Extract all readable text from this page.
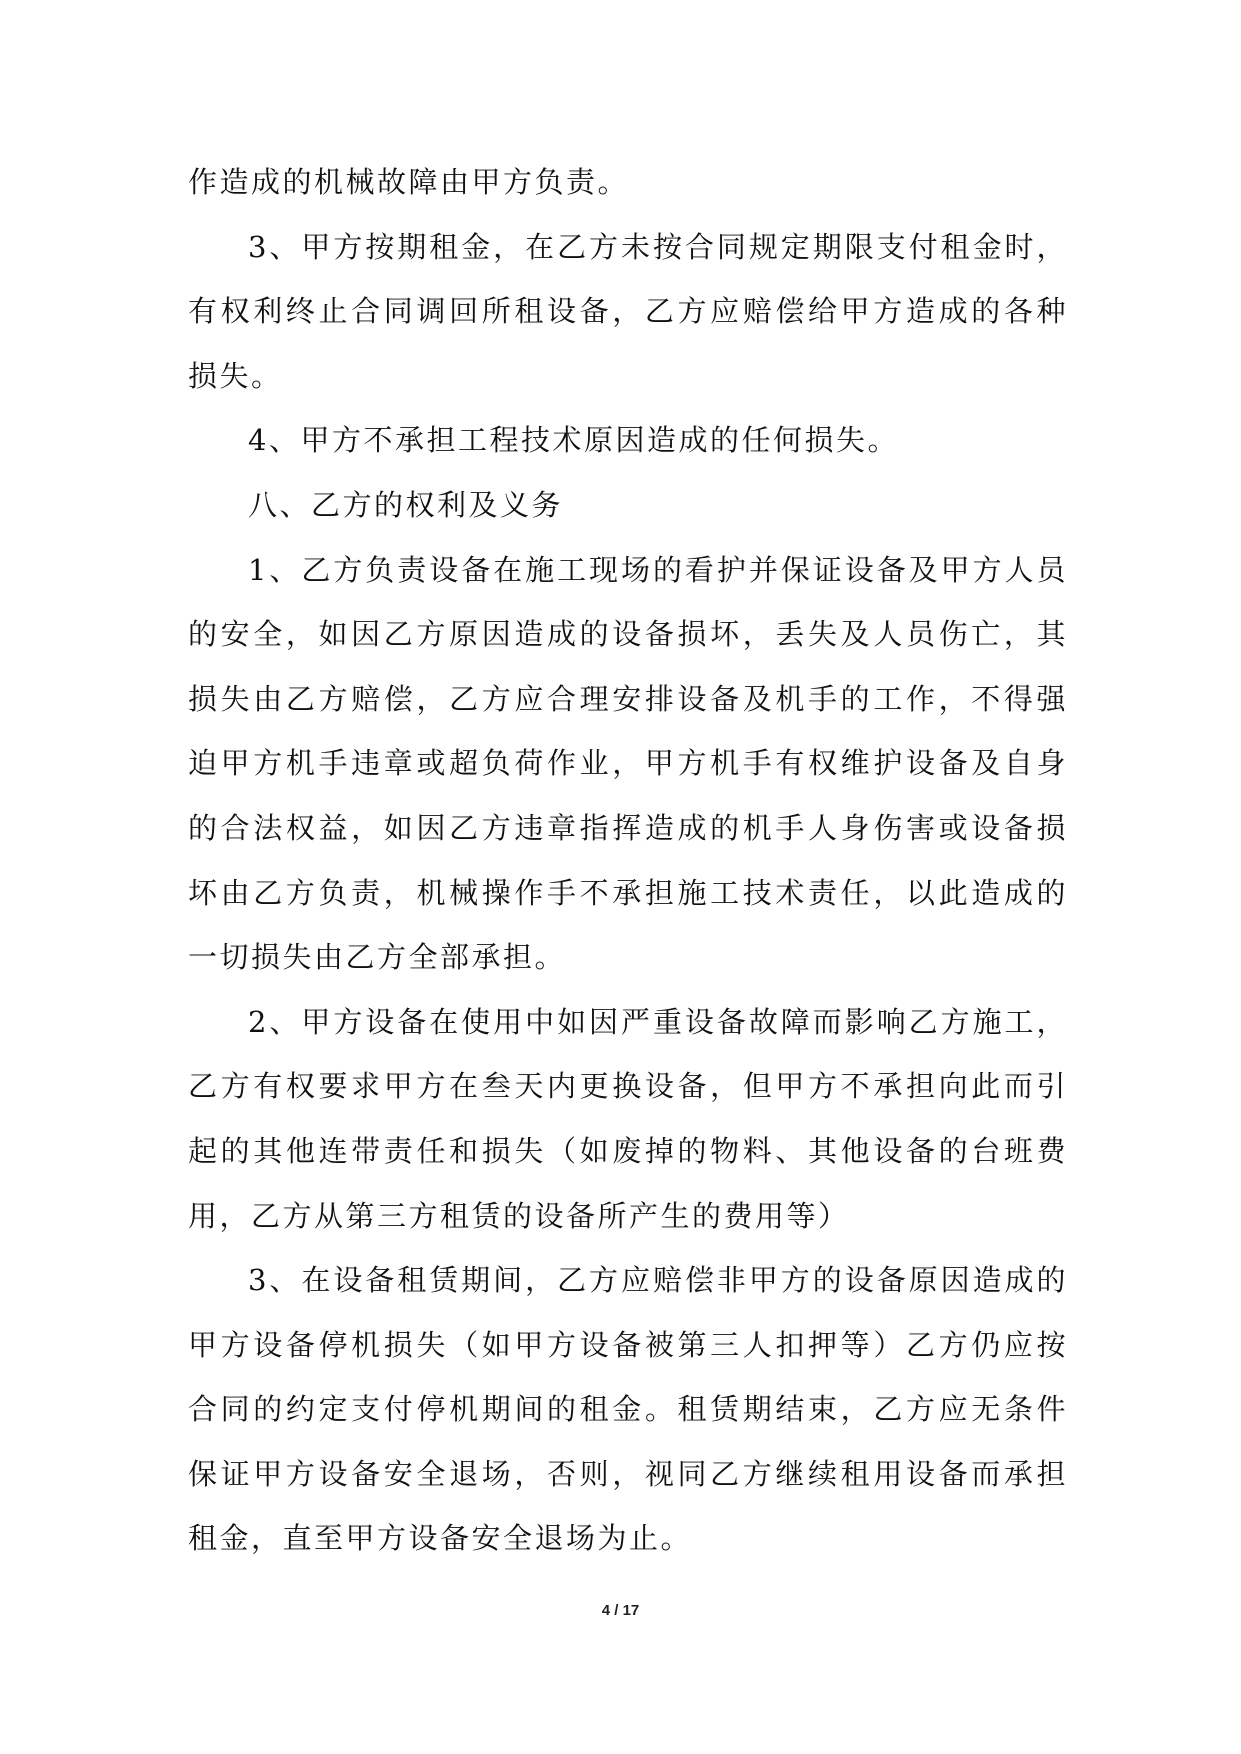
作造成的机械故障由甲方负责。

3、甲方按期租金，在乙方未按合同规定期限支付租金时，有权利终止合同调回所租设备，乙方应赔偿给甲方造成的各种损失。

4、甲方不承担工程技术原因造成的任何损失。

八、乙方的权利及义务

1、乙方负责设备在施工现场的看护并保证设备及甲方人员的安全，如因乙方原因造成的设备损坏，丢失及人员伤亡，其损失由乙方赔偿，乙方应合理安排设备及机手的工作，不得强迫甲方机手违章或超负荷作业，甲方机手有权维护设备及自身的合法权益，如因乙方违章指挥造成的机手人身伤害或设备损坏由乙方负责，机械操作手不承担施工技术责任，以此造成的一切损失由乙方全部承担。

2、甲方设备在使用中如因严重设备故障而影响乙方施工，乙方有权要求甲方在叁天内更换设备，但甲方不承担向此而引起的其他连带责任和损失（如废掉的物料、其他设备的台班费用，乙方从第三方租赁的设备所产生的费用等）

3、在设备租赁期间，乙方应赔偿非甲方的设备原因造成的甲方设备停机损失（如甲方设备被第三人扣押等）乙方仍应按合同的约定支付停机期间的租金。租赁期结束，乙方应无条件保证甲方设备安全退场，否则，视同乙方继续租用设备而承担租金，直至甲方设备安全退场为止。

4 / 17
